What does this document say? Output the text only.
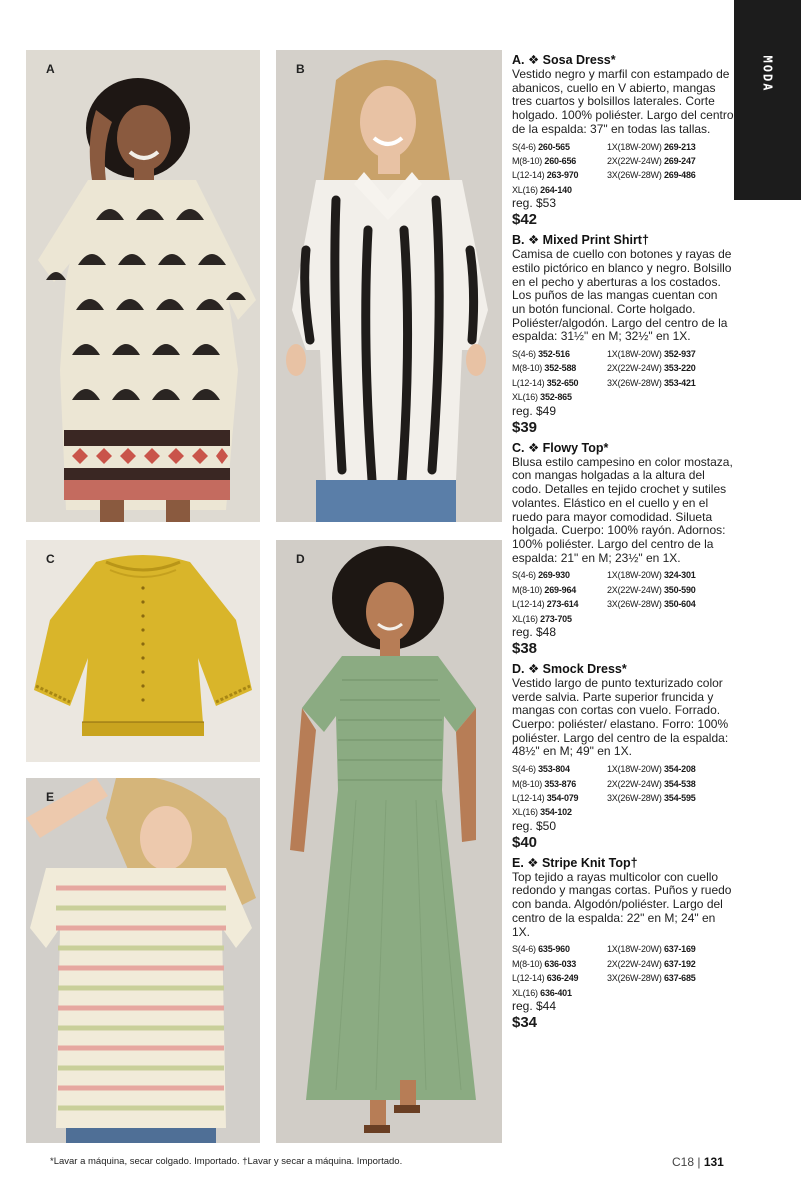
MODA
A	B
C	D
E
A. ❖ Sosa Dress*
Vestido negro y marfil con estampado de abanicos, cuello en V abierto, mangas tres cuartos y bolsillos laterales. Corte holgado. 100% poliéster. Largo del centro de la espalda: 37" en todas las tallas.
S(4-6) 260-565	1X(18W-20W) 269-213
M(8-10) 260-656	2X(22W-24W) 269-247
L(12-14) 263-970	3X(26W-28W) 269-486
XL(16) 264-140
reg. $53
$42
B. ❖ Mixed Print Shirt†
Camisa de cuello con botones y rayas de estilo pictórico en blanco y negro. Bolsillo en el pecho y aberturas a los costados. Los puños de las mangas cuentan con un botón funcional. Corte holgado. Poliéster/algodón. Largo del centro de la espalda: 31½" en M; 32½" en 1X.
S(4-6) 352-516	1X(18W-20W) 352-937
M(8-10) 352-588	2X(22W-24W) 353-220
L(12-14) 352-650	3X(26W-28W) 353-421
XL(16) 352-865
reg. $49
$39
C. ❖ Flowy Top*
Blusa estilo campesino en color mostaza, con mangas holgadas a la altura del codo. Detalles en tejido crochet y sutiles volantes. Elástico en el cuello y en el ruedo para mayor comodidad. Silueta holgada. Cuerpo: 100% rayón. Adornos: 100% poliéster. Largo del centro de la espalda: 21" en M; 23½" en 1X.
S(4-6) 269-930	1X(18W-20W) 324-301
M(8-10) 269-964	2X(22W-24W) 350-590
L(12-14) 273-614	3X(26W-28W) 350-604
XL(16) 273-705
reg. $48
$38
D. ❖ Smock Dress*
Vestido largo de punto texturizado color verde salvia. Parte superior fruncida y mangas con cortas con vuelo. Forrado. Cuerpo: poliéster/ elastano. Forro: 100% poliéster. Largo del centro de la espalda: 48½" en M; 49" en 1X.
S(4-6) 353-804	1X(18W-20W) 354-208
M(8-10) 353-876	2X(22W-24W) 354-538
L(12-14) 354-079	3X(26W-28W) 354-595
XL(16) 354-102
reg. $50
$40
E. ❖ Stripe Knit Top†
Top tejido a rayas multicolor con cuello redondo y mangas cortas. Puños y ruedo con banda. Algodón/poliéster. Largo del centro de la espalda: 22" en M; 24" en 1X.
S(4-6) 635-960	1X(18W-20W) 637-169
M(8-10) 636-033	2X(22W-24W) 637-192
L(12-14) 636-249	3X(26W-28W) 637-685
XL(16) 636-401
reg. $44
$34
*Lavar a máquina, secar colgado. Importado. †Lavar y secar a máquina. Importado.	C18 | 131
